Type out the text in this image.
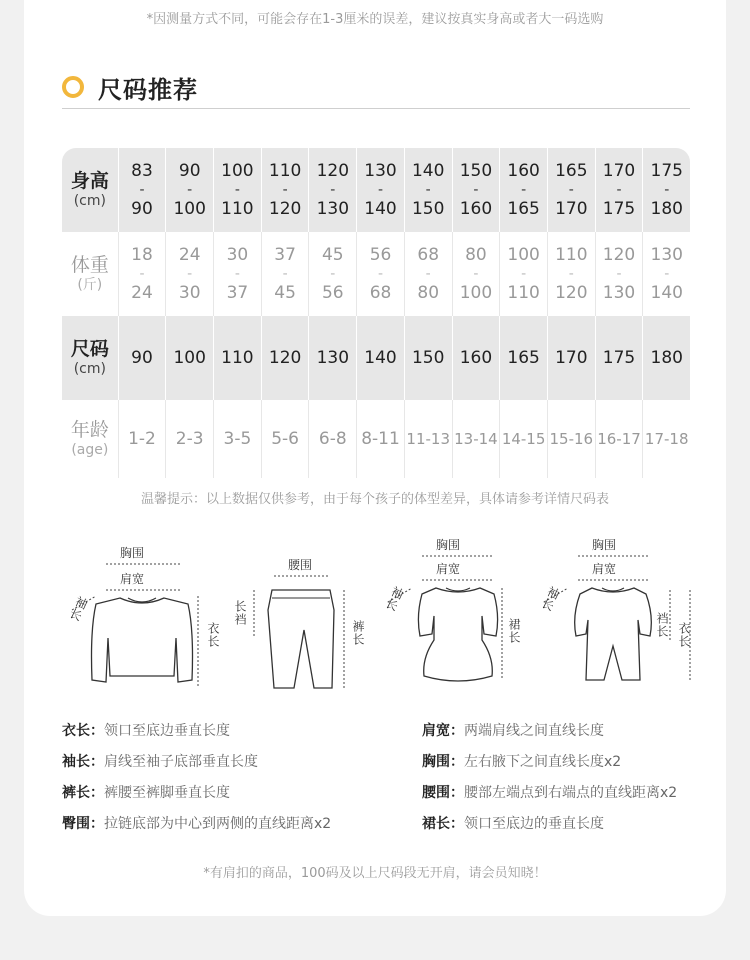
*因测量方式不同，可能会存在1-3厘米的误差，建议按真实身高或者大一码选购
尺码推荐
身高
(cm)
83
-
90
90
-
100
100
-
110
110
-
120
120
-
130
130
-
140
140
-
150
150
-
160
160
-
165
165
-
170
170
-
175
175
-
180
体重
(斤)
18
-
24
24
-
30
30
-
37
37
-
45
45
-
56
56
-
68
68
-
80
80
-
100
100
-
110
110
-
120
120
-
130
130
-
140
尺码
(cm)
90 100 110 120 130 140 150 160 165 170 175 180
年龄
(age)
1-2 2-3 3-5 5-6 6-8 8-11 11-13 13-14 14-15 15-16 16-17 17-18
温馨提示：以上数据仅供参考，由于每个孩子的体型差异，具体请参考详情尺码表
胸围
肩宽
袖长
衣长
腰围
长裆
裤长
胸围
肩宽
袖长
裙长
胸围
肩宽
袖长
裆长 衣长
衣长：领口至底边垂直长度
袖长：肩线至袖子底部垂直长度
裤长：裤腰至裤脚垂直长度
臀围：拉链底部为中心到两侧的直线距离x2
肩宽：两端肩线之间直线长度
胸围：左右腋下之间直线长度x2
腰围：腰部左端点到右端点的直线距离x2
裙长：领口至底边的垂直长度
*有肩扣的商品，100码及以上尺码段无开肩，请会员知晓！
